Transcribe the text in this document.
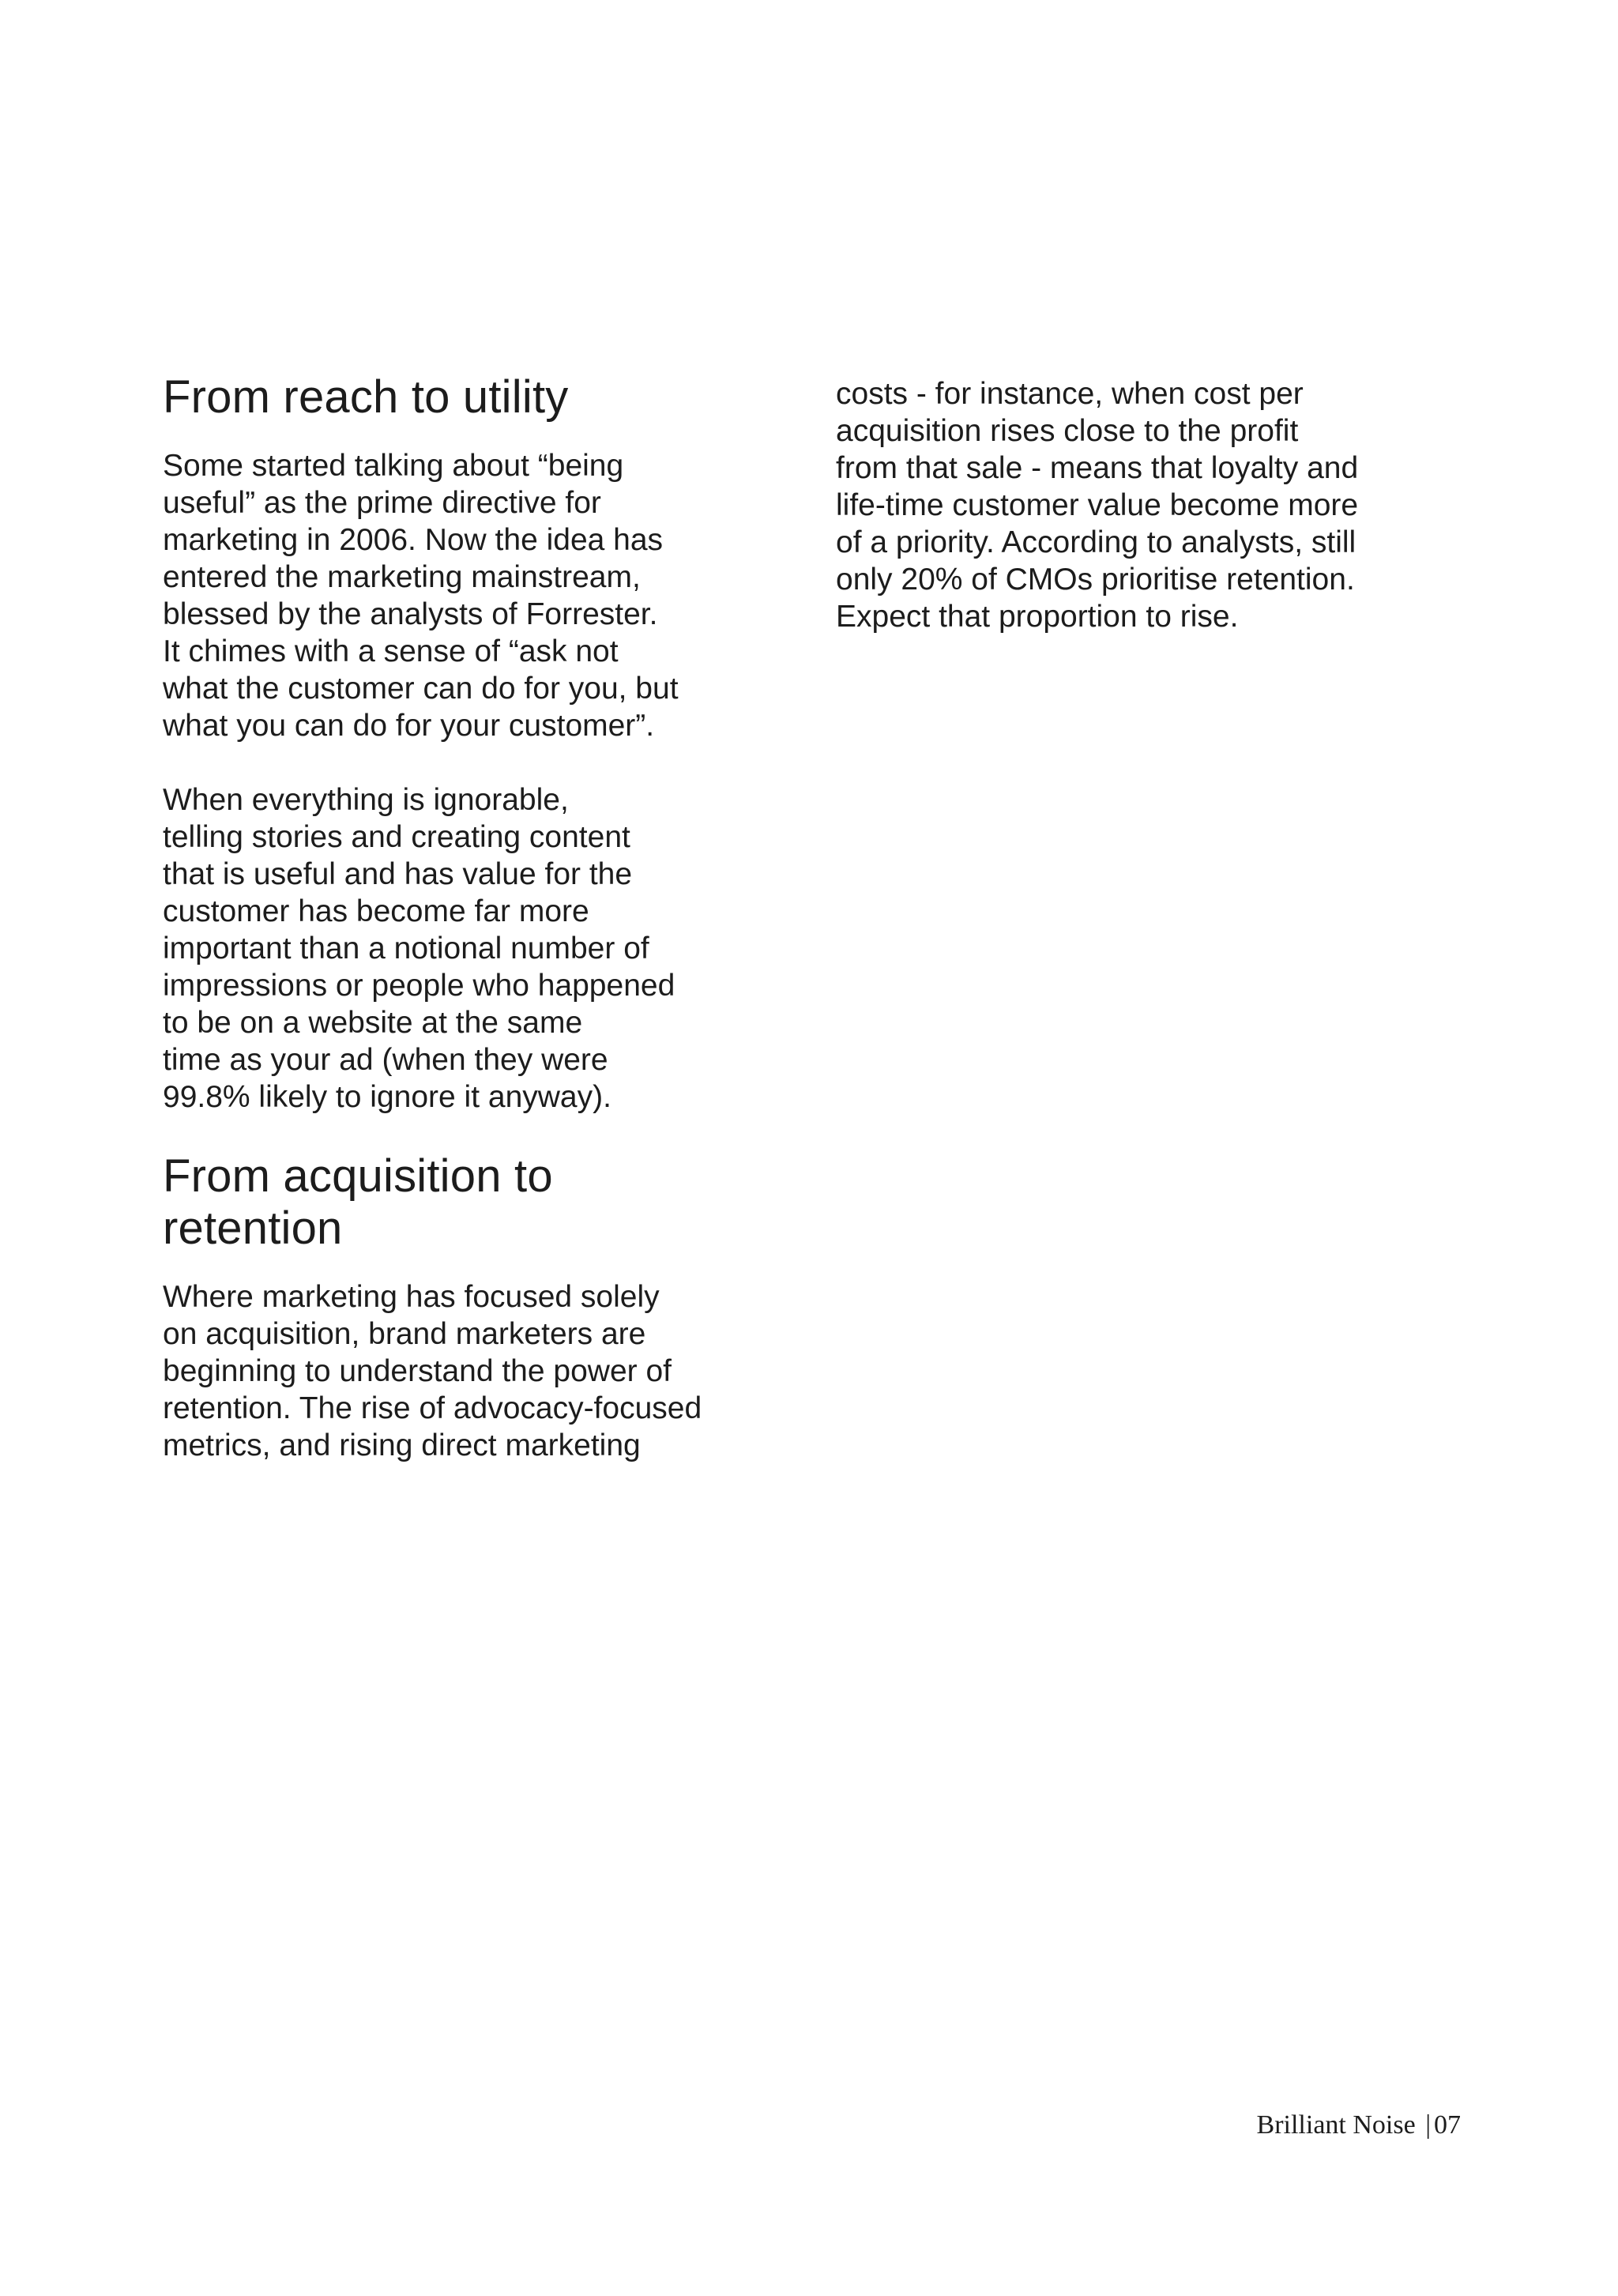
From reach to utility

Some started talking about “being
useful” as the prime directive for
marketing in 2006. Now the idea has
entered the marketing mainstream,
blessed by the analysts of Forrester.
It chimes with a sense of “ask not
what the customer can do for you, but
what you can do for your customer”.

When everything is ignorable,
telling stories and creating content
that is useful and has value for the
customer has become far more
important than a notional number of
impressions or people who happened
to be on a website at the same
time as your ad (when they were
99.8% likely to ignore it anyway).

From acquisition to
retention

Where marketing has focused solely
on acquisition, brand marketers are
beginning to understand the power of
retention. The rise of advocacy-focused
metrics, and rising direct marketing

costs - for instance, when cost per
acquisition rises close to the profit
from that sale - means that loyalty and
life-time customer value become more
of a priority. According to analysts, still
only 20% of CMOs prioritise retention.
Expect that proportion to rise.

Brilliant Noise | 07
